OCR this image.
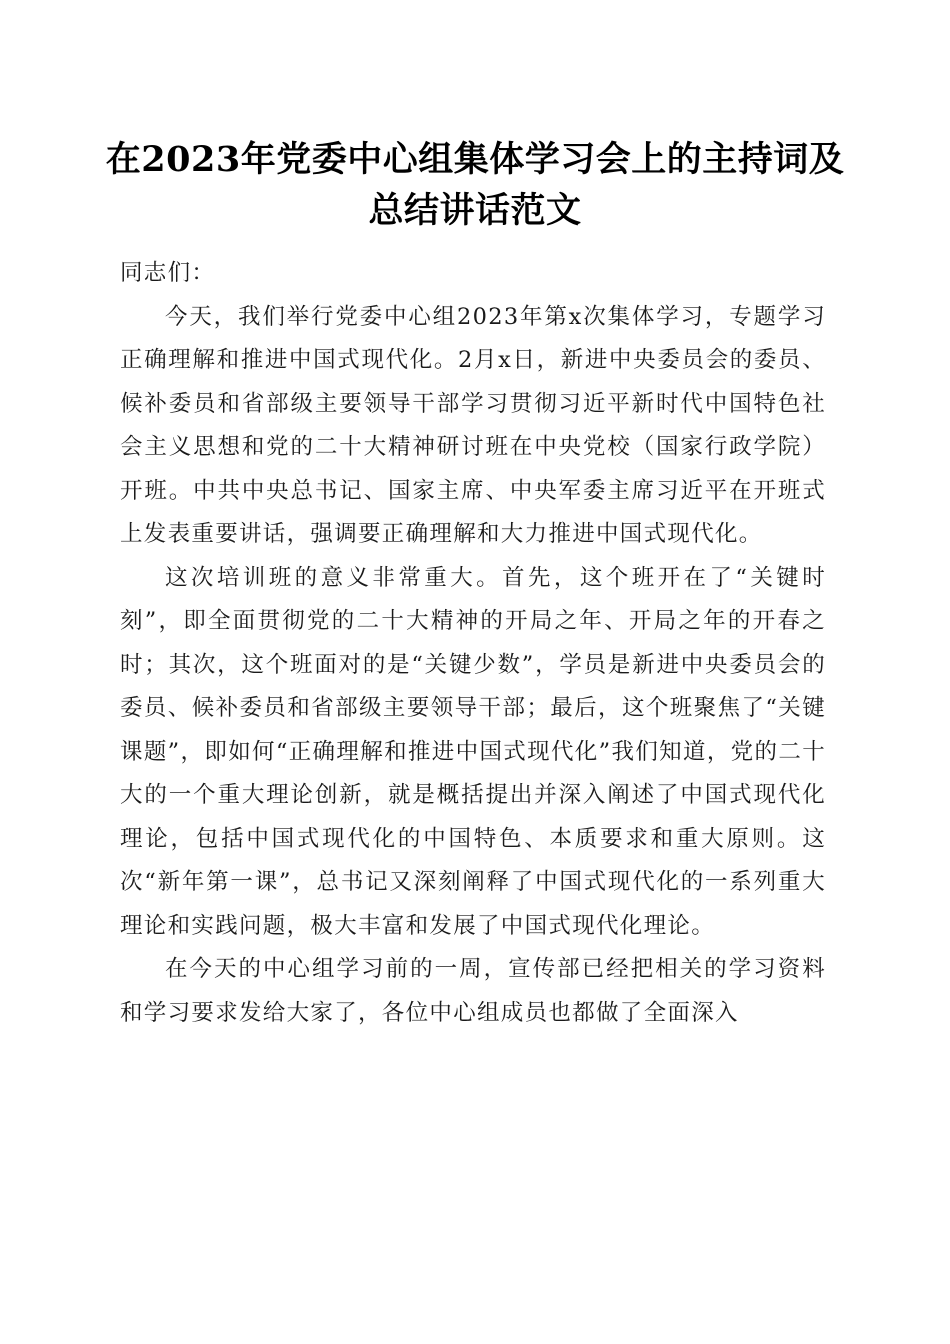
在2023年党委中心组集体学习会上的主持词及总结讲话范文

同志们：

今天，我们举行党委中心组2023年第x次集体学习，专题学习正确理解和推进中国式现代化。2月x日，新进中央委员会的委员、候补委员和省部级主要领导干部学习贯彻习近平新时代中国特色社会主义思想和党的二十大精神研讨班在中央党校（国家行政学院）开班。中共中央总书记、国家主席、中央军委主席习近平在开班式上发表重要讲话，强调要正确理解和大力推进中国式现代化。

这次培训班的意义非常重大。首先，这个班开在了“关键时刻”，即全面贯彻党的二十大精神的开局之年、开局之年的开春之时；其次，这个班面对的是“关键少数”，学员是新进中央委员会的委员、候补委员和省部级主要领导干部；最后，这个班聚焦了“关键课题”，即如何“正确理解和推进中国式现代化”我们知道，党的二十大的一个重大理论创新，就是概括提出并深入阐述了中国式现代化理论，包括中国式现代化的中国特色、本质要求和重大原则。这次“新年第一课”，总书记又深刻阐释了中国式现代化的一系列重大理论和实践问题，极大丰富和发展了中国式现代化理论。

在今天的中心组学习前的一周，宣传部已经把相关的学习资料和学习要求发给大家了，各位中心组成员也都做了全面深入
